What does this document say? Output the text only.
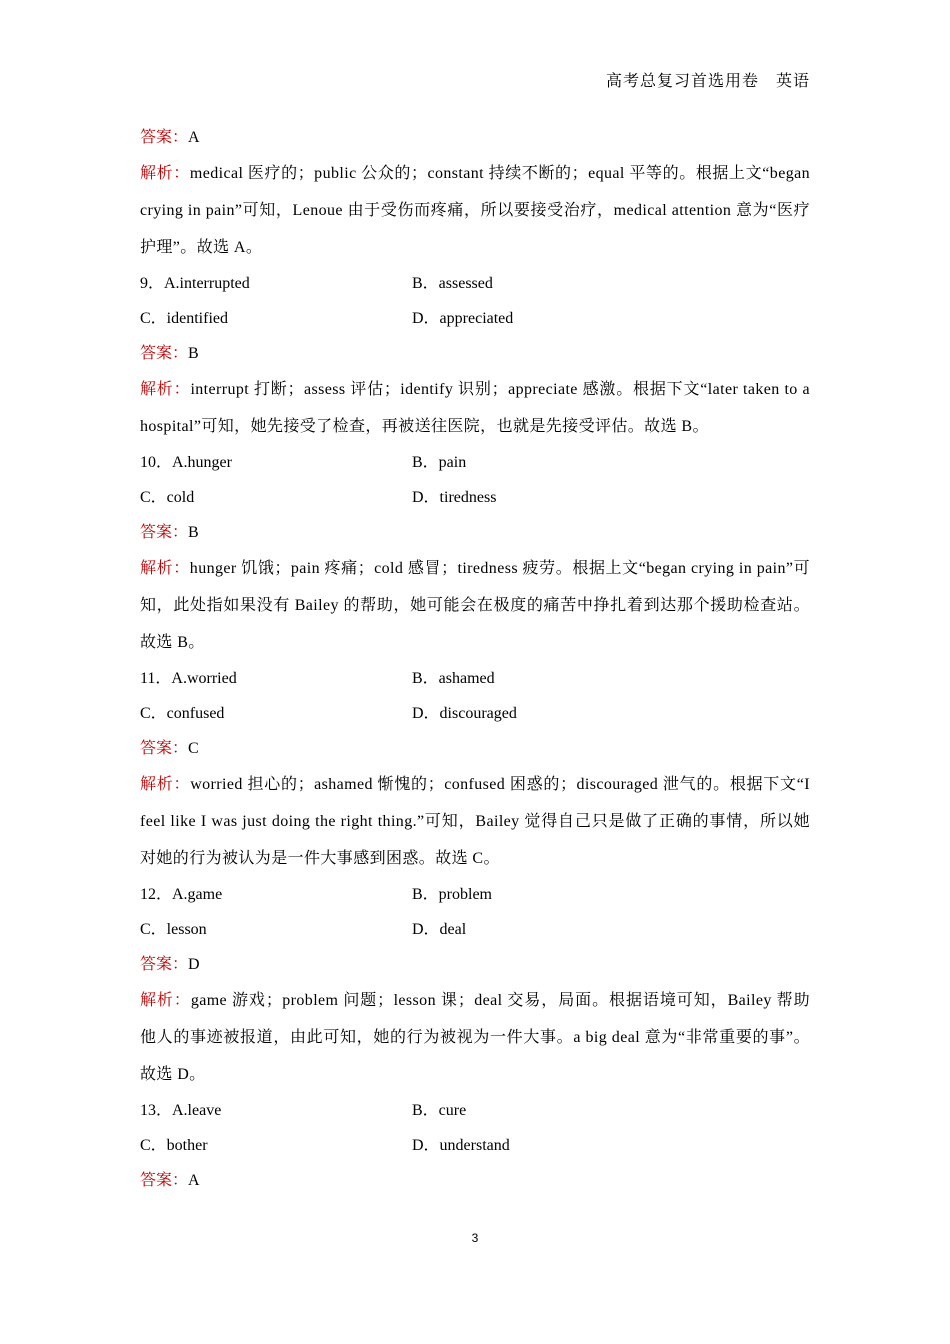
高考总复习首选用卷　英语
答案：A
解析：medical 医疗的；public 公众的；constant 持续不断的；equal 平等的。根据上文“began crying in pain”可知，Lenoue 由于受伤而疼痛，所以要接受治疗，medical attention 意为“医疗护理”。故选 A。
9．A.interrupted	B．assessed
C．identified	D．appreciated
答案：B
解析：interrupt 打断；assess 评估；identify 识别；appreciate 感激。根据下文“later taken to a hospital”可知，她先接受了检查，再被送往医院，也就是先接受评估。故选 B。
10．A.hunger	B．pain
C．cold	D．tiredness
答案：B
解析：hunger 饥饿；pain 疼痛；cold 感冒；tiredness 疲劳。根据上文“began crying in pain”可知，此处指如果没有 Bailey 的帮助，她可能会在极度的痛苦中挣扎着到达那个援助检查站。故选 B。
11．A.worried	B．ashamed
C．confused	D．discouraged
答案：C
解析：worried 担心的；ashamed 惭愧的；confused 困惑的；discouraged 泄气的。根据下文“I feel like I was just doing the right thing.”可知，Bailey 觉得自己只是做了正确的事情，所以她对她的行为被认为是一件大事感到困惑。故选 C。
12．A.game	B．problem
C．lesson	D．deal
答案：D
解析：game 游戏；problem 问题；lesson 课；deal 交易，局面。根据语境可知，Bailey 帮助他人的事迹被报道，由此可知，她的行为被视为一件大事。a big deal 意为“非常重要的事”。故选 D。
13．A.leave	B．cure
C．bother	D．understand
答案：A
3
